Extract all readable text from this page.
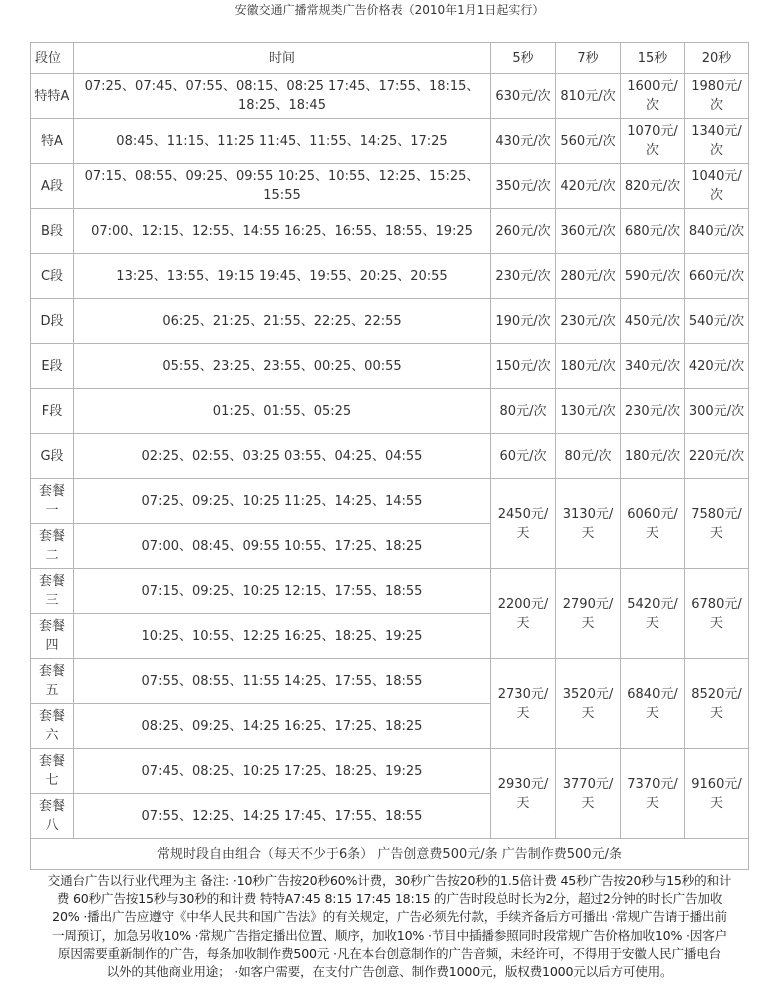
安徽交通广播常规类广告价格表（2010年1月1日起实行）
段位	时间	5秒	7秒	15秒	20秒
特特A	07:25、07:45、07:55、08:15、08:25 17:45、17:55、18:15、18:25、18:45	630元/次	810元/次	1600元/次	1980元/次
特A	08:45、11:15、11:25 11:45、11:55、14:25、17:25	430元/次	560元/次	1070元/次	1340元/次
A段	07:15、08:55、09:25、09:55 10:25、10:55、12:25、15:25、15:55	350元/次	420元/次	820元/次	1040元/次
B段	07:00、12:15、12:55、14:55 16:25、16:55、18:55、19:25	260元/次	360元/次	680元/次	840元/次
C段	13:25、13:55、19:15 19:45、19:55、20:25、20:55	230元/次	280元/次	590元/次	660元/次
D段	06:25、21:25、21:55、22:25、22:55	190元/次	230元/次	450元/次	540元/次
E段	05:55、23:25、23:55、00:25、00:55	150元/次	180元/次	340元/次	420元/次
F段	01:25、01:55、05:25	80元/次	130元/次	230元/次	300元/次
G段	02:25、02:55、03:25 03:55、04:25、04:55	60元/次	80元/次	180元/次	220元/次
套餐一	07:25、09:25、10:25 11:25、14:25、14:55	2450元/天	3130元/天	6060元/天	7580元/天
套餐二	07:00、08:45、09:55 10:55、17:25、18:25				
套餐三	07:15、09:25、10:25 12:15、17:55、18:55	2200元/天	2790元/天	5420元/天	6780元/天
套餐四	10:25、10:55、12:25 16:25、18:25、19:25				
套餐五	07:55、08:55、11:55 14:25、17:55、18:55	2730元/天	3520元/天	6840元/天	8520元/天
套餐六	08:25、09:25、14:25 16:25、17:25、18:25				
套餐七	07:45、08:25、10:25 17:25、18:25、19:25	2930元/天	3770元/天	7370元/天	9160元/天
套餐八	07:55、12:25、14:25 17:45、17:55、18:55				
常规时段自由组合（每天不少于6条） 广告创意费500元/条 广告制作费500元/条					

交通台广告以行业代理为主 备注: ·10秒广告按20秒60%计费，30秒广告按20秒的1.5倍计费 45秒广告按20秒与15秒的和计

费 60秒广告按15秒与30秒的和计费 特特A7:45 8:15 17:45 18:15 的广告时段总时长为2分，超过2分钟的时长广告加收

20% ·播出广告应遵守《中华人民共和国广告法》的有关规定，广告必须先付款，手续齐备后方可播出 ·常规广告请于播出前

一周预订，加急另收10% ·常规广告指定播出位置、顺序，加收10% ·节目中插播参照同时段常规广告价格加收10% ·因客户

原因需要重新制作的广告，每条加收制作费500元 ·凡在本台创意制作的广告音频，未经许可，不得用于安徽人民广播电台

以外的其他商业用途； ·如客户需要，在支付广告创意、制作费1000元，版权费1000元以后方可使用。
